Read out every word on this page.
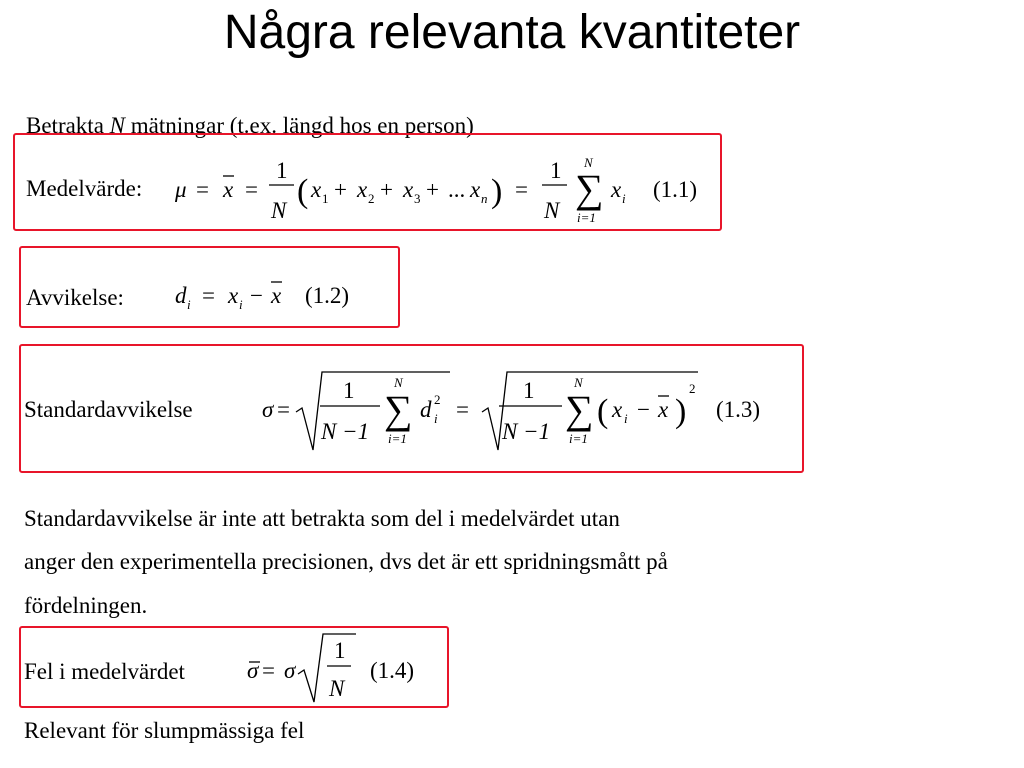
Några relevanta kvantiteter
Betrakta N mätningar (t.ex. längd hos en person)
Medelvärde: μ = x =
1
N
( x 1 + x 2 + x 3 + ... x n ) =
1
N
N
∑
i=1
x i (1.1)
Avvikelse: d i = x i − x (1.2)
Standardavvikelse	σ =
1
N −1
N
∑
i=1
d 2
i =
1
N −1
N
∑
i=1
( x i − x )
2
(1.3)
Standardavvikelse är inte att betrakta som del i medelvärdet utan
anger den experimentella precisionen, dvs det är ett spridningsmått på
fördelningen.
Fel i medelvärdet	σ = σ
1
N
(1.4)
Relevant för slumpmässiga fel
